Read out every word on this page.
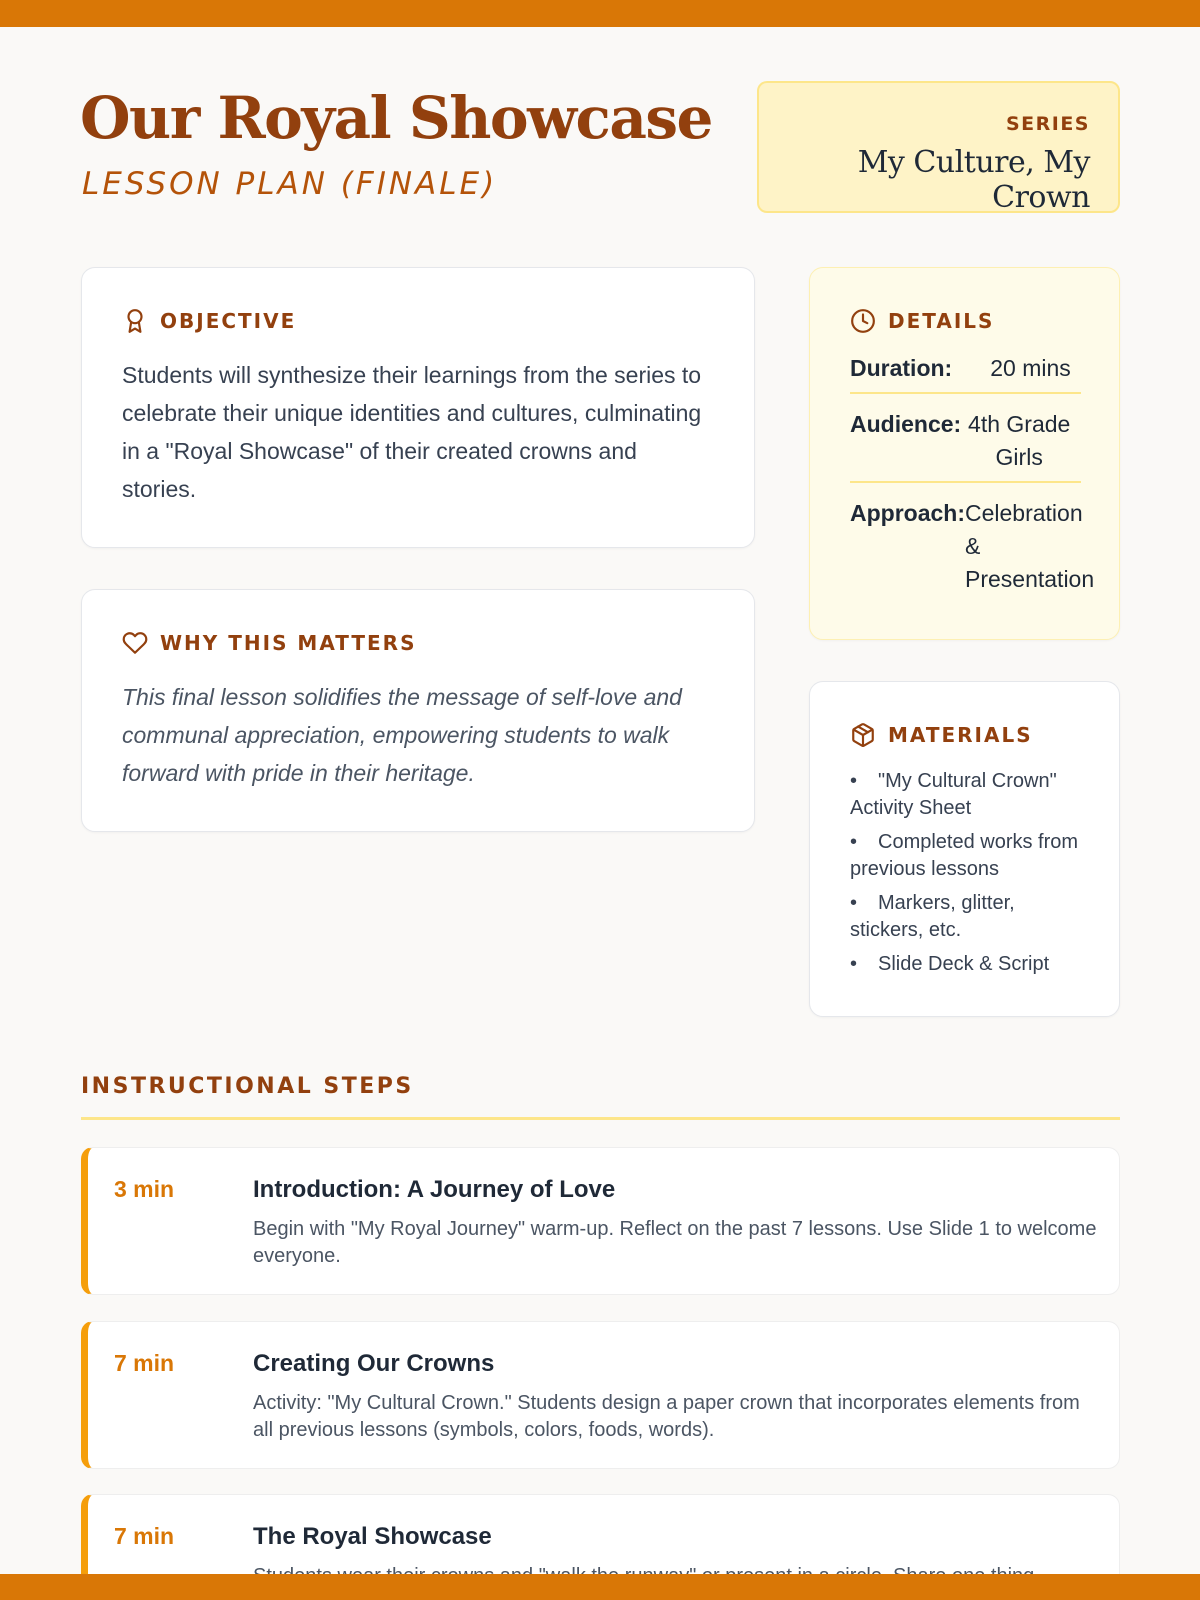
Our Royal Showcase
LESSON PLAN (FINALE)
SERIES
My Culture, My Crown
OBJECTIVE

Students will synthesize their learnings from the series to celebrate their unique identities and cultures, culminating in a "Royal Showcase" of their created crowns and stories.

WHY THIS MATTERS

This final lesson solidifies the message of self-love and communal appreciation, empowering students to walk forward with pride in their heritage.

DETAILS
Duration: 20 mins
Audience: 4th Grade Girls
Approach: Celebration & Presentation
MATERIALS
• "My Cultural Crown" Activity Sheet
• Completed works from previous lessons
• Markers, glitter, stickers, etc.
• Slide Deck & Script
INSTRUCTIONAL STEPS
3 min	Introduction: A Journey of Love
Begin with "My Royal Journey" warm-up. Reflect on the past 7 lessons. Use Slide 1 to welcome everyone.
7 min	Creating Our Crowns
Activity: "My Cultural Crown." Students design a paper crown that incorporates elements from all previous lessons (symbols, colors, foods, words).
7 min	The Royal Showcase
